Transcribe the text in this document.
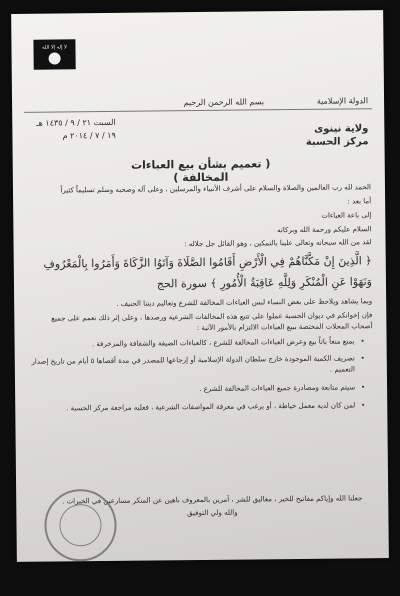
لا إله إلا الله
الدولة الإسلامية
بسم الله الرحمن الرحيم
ولاية نينوى
مركز الحسبة
السبت ٢١ / ٩ / ١٤٣٥ هـ
١٩ / ٧ / ٢٠١٤ م
( تعميم بشأن بيع العباءات المخالفة )

الحمد لله رب العالمين والصلاة والسلام على أشرف الأنبياء والمرسلين ، وعلى آله وصحبه وسلم تسليماً كثيراً

أما بعد :

إلى باعة العباءات

السلام عليكم ورحمة الله وبركاته

لقد من الله سبحانه وتعالى علينا بالتمكين ، وهو القائل جل جلاله :

﴿ الَّذِينَ إِنْ مَكَّنَّاهُمْ فِي الْأَرْضِ أَقَامُوا الصَّلَاةَ وَآتَوُا الزَّكَاةَ وَأَمَرُوا بِالْمَعْرُوفِ وَنَهَوْا عَنِ الْمُنْكَرِ وَلِلَّهِ عَاقِبَةُ الْأُمُورِ ﴾ سورة الحج

وبما يشاهد ويلاحظ على بعض النساء لبس العباءات المخالفة للشرع وتعاليم ديننا الحنيف .

فإن إخوانكم في ديوان الحسبة عملوا على تتبع هذه المخالفات الشرعية ورصدها ، وعلى إثر ذلك نعمم على جميع أصحاب المحلات المختصة ببيع العباءات الالتزام بالأمور الآتية :

• يمنع منعاً باتاً بيع وعرض العباءات المخالفة للشرع ، كالعباءات الضيقة والشفافة والمزخرفة .
• تصريف الكمية الموجودة خارج سلطان الدولة الإسلامية أو إرجاعها للمصدر في مدة أقصاها ٥ أيام من تاريخ إصدار التعميم .
• سيتم متابعة ومصادرة جميع العباءات المخالفة للشرع .
• لمن كان لديه معمل خياطة ، أو يرغب في معرفة المواصفات الشرعية ، فعليه مراجعة مركز الحسبة .
جعلنا الله وإياكم مفاتيح للخير ، مغاليق للشر ، آمرين بالمعروف ناهين عن المنكر مسارعين في الخيرات .
والله ولي التوفيق
